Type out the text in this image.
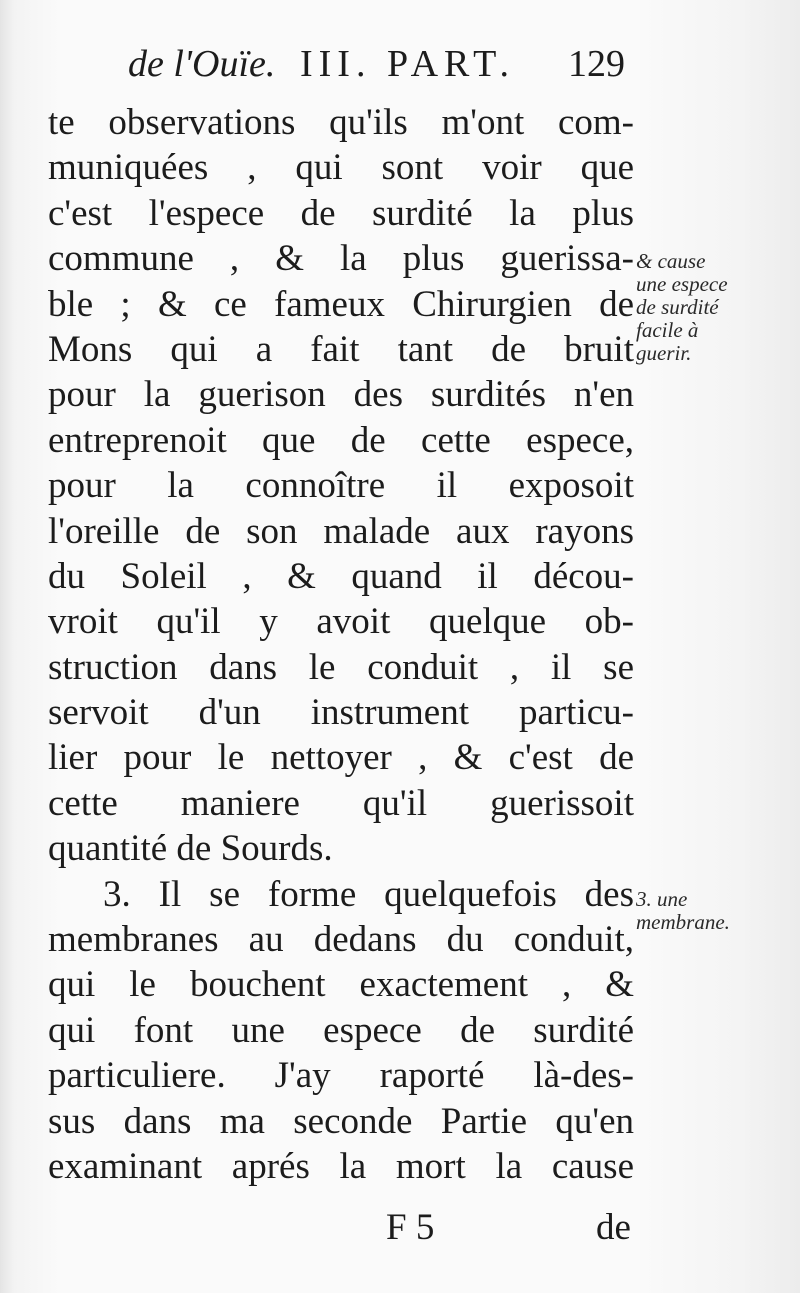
de l'Ouïe. III. PART. 129
te observations qu'ils m'ont com-
muniquées , qui sont voir que
c'est l'espece de surdité la plus
commune , & la plus guerissa-
ble ; & ce fameux Chirurgien de
Mons qui a fait tant de bruit
pour la guerison des surdités n'en
entreprenoit que de cette espece,
pour la connoître il exposoit
l'oreille de son malade aux rayons
du Soleil , & quand il décou-
vroit qu'il y avoit quelque ob-
struction dans le conduit , il se
servoit d'un instrument particu-
lier pour le nettoyer , & c'est de
cette maniere qu'il guerissoit
quantité de Sourds.
3. Il se forme quelquefois des
membranes au dedans du conduit,
qui le bouchent exactement , &
qui font une espece de surdité
particuliere. J'ay raporté là-des-
sus dans ma seconde Partie qu'en
examinant aprés la mort la cause
& cause
une espece
de surdité
facile à
guerir.
3. une
membrane.
F 5	de
